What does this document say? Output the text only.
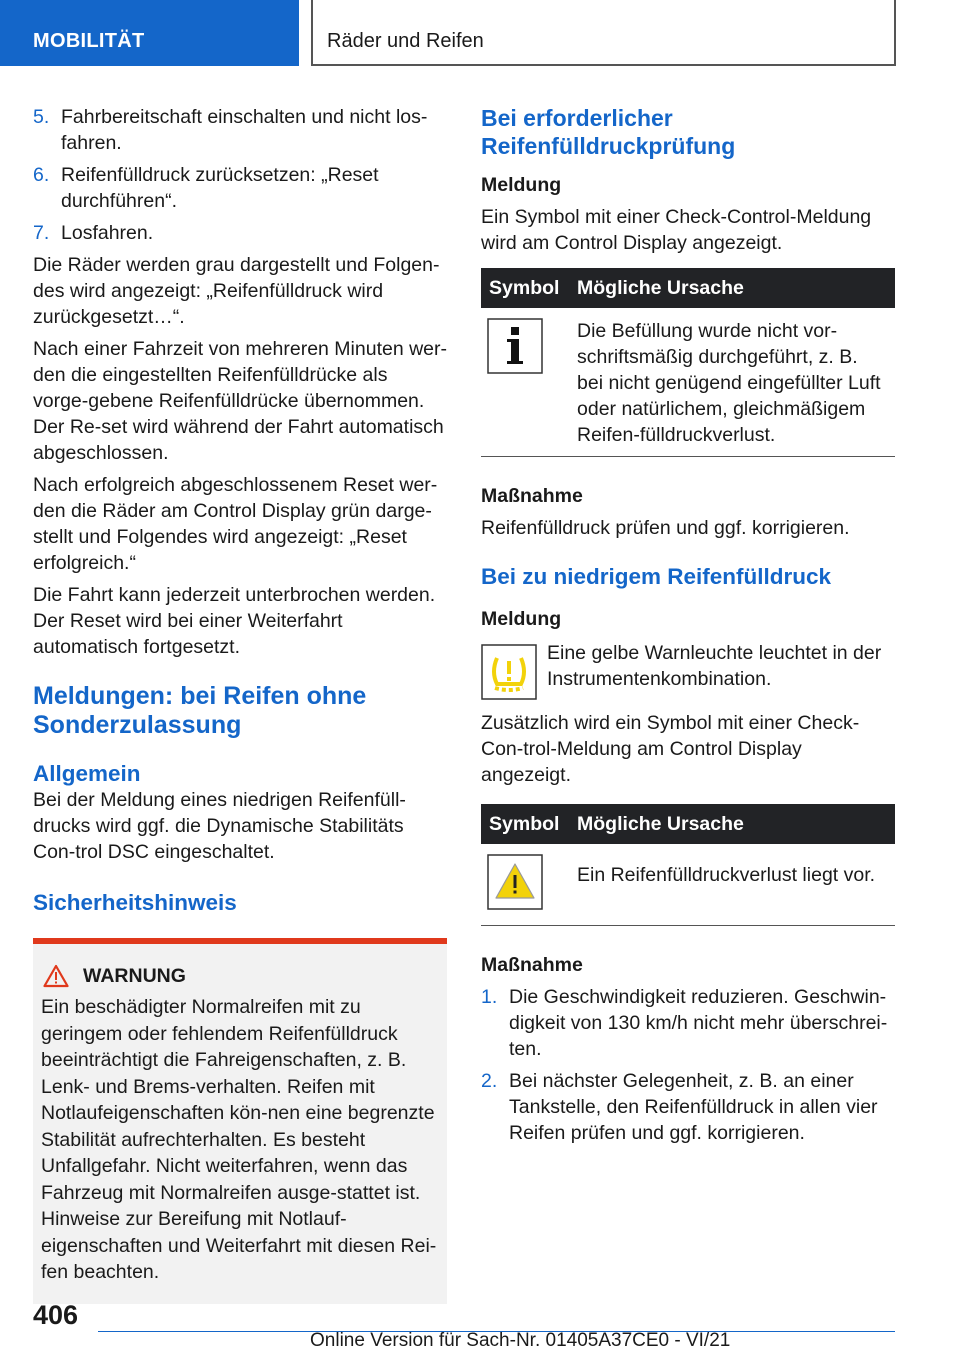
MOBILITÄT	Räder und Reifen
5. Fahrbereitschaft einschalten und nicht los-fahren.
6. Reifenfülldruck zurücksetzen: „Reset durchführen“.
7. Losfahren.

Die Räder werden grau dargestellt und Folgen-des wird angezeigt: „Reifenfülldruck wird zurückgesetzt…“.

Nach einer Fahrzeit von mehreren Minuten wer-den die eingestellten Reifenfülldrücke als vorge-gebene Reifenfülldrücke übernommen. Der Re-set wird während der Fahrt automatisch abgeschlossen.

Nach erfolgreich abgeschlossenem Reset wer-den die Räder am Control Display grün darge-stellt und Folgendes wird angezeigt: „Reset erfolgreich.“

Die Fahrt kann jederzeit unterbrochen werden. Der Reset wird bei einer Weiterfahrt automatisch fortgesetzt.

Meldungen: bei Reifen ohne Sonderzulassung
Allgemein

Bei der Meldung eines niedrigen Reifenfüll-drucks wird ggf. die Dynamische Stabilitäts Con-trol DSC eingeschaltet.

Sicherheitshinweis
WARNUNG

Ein beschädigter Normalreifen mit zu geringem oder fehlendem Reifenfülldruck beeinträchtigt die Fahreigenschaften, z. B. Lenk- und Brems-verhalten. Reifen mit Notlaufeigenschaften kön-nen eine begrenzte Stabilität aufrechterhalten. Es besteht Unfallgefahr. Nicht weiterfahren, wenn das Fahrzeug mit Normalreifen ausge-stattet ist. Hinweise zur Bereifung mit Notlauf-eigenschaften und Weiterfahrt mit diesen Rei-fen beachten.

Bei erforderlicher Reifenfülldruckprüfung
Meldung

Ein Symbol mit einer Check-Control-Meldung wird am Control Display angezeigt.

Symbol	Mögliche Ursache
	Die Befüllung wurde nicht vor-schriftsmäßig durchgeführt, z. B. bei nicht genügend eingefüllter Luft oder natürlichem, gleichmäßigem Reifen-fülldruckverlust.
Maßnahme

Reifenfülldruck prüfen und ggf. korrigieren.

Bei zu niedrigem Reifenfülldruck
Meldung

Eine gelbe Warnleuchte leuchtet in der Instrumentenkombination.

Zusätzlich wird ein Symbol mit einer Check-Con-trol-Meldung am Control Display angezeigt.

Symbol	Mögliche Ursache
	Ein Reifenfülldruckverlust liegt vor.
Maßnahme
1. Die Geschwindigkeit reduzieren. Geschwin-digkeit von 130 km/h nicht mehr überschrei-ten.
2. Bei nächster Gelegenheit, z. B. an einer Tankstelle, den Reifenfülldruck in allen vier Reifen prüfen und ggf. korrigieren.
406
Online Version für Sach-Nr. 01405A37CE0 - VI/21
